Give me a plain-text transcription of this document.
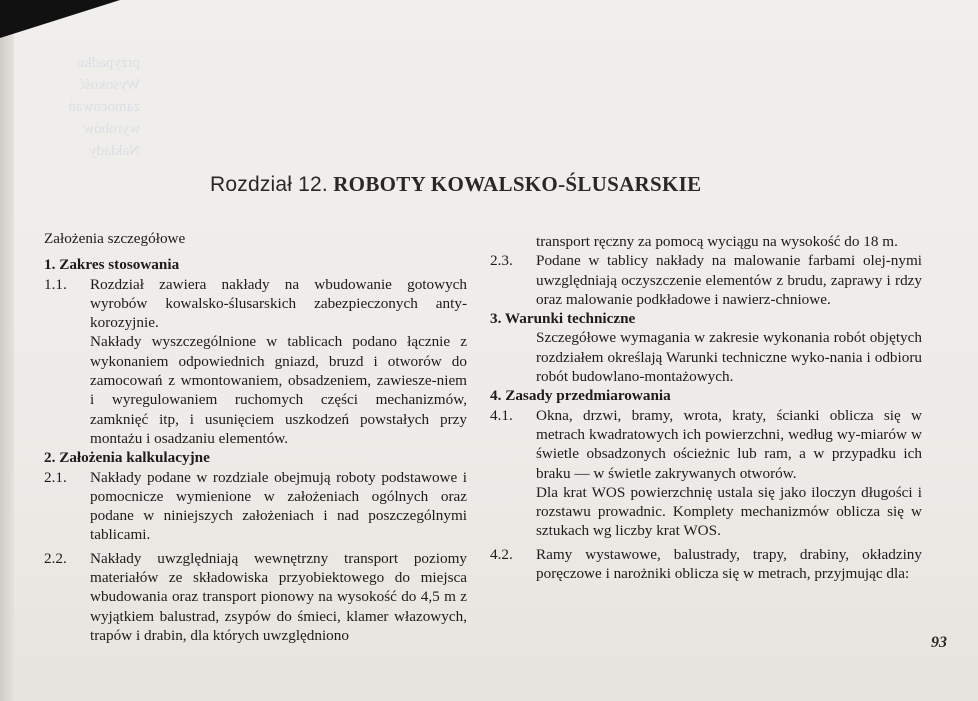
przypadku
Wysokość
zamocowań
wyrobów
Nakłady
Rozdział 12. ROBOTY KOWALSKO-ŚLUSARSKIE
Założenia szczegółowe
1. Zakres stosowania
1.1.	Rozdział zawiera nakłady na wbudowanie gotowych wyrobów kowalsko-ślusarskich zabezpieczonych anty-korozyjnie.
Nakłady wyszczególnione w tablicach podano łącznie z wykonaniem odpowiednich gniazd, bruzd i otworów do zamocowań z wmontowaniem, obsadzeniem, zawiesze-niem i wyregulowaniem ruchomych części mechanizmów, zamknięć itp, i usunięciem uszkodzeń powstałych przy montażu i osadzaniu elementów.
2. Założenia kalkulacyjne
2.1.	Nakłady podane w rozdziale obejmują roboty podstawowe i pomocnicze wymienione w założeniach ogólnych oraz podane w niniejszych założeniach i nad poszczególnymi tablicami.
2.2.	Nakłady uwzględniają wewnętrzny transport poziomy materiałów ze składowiska przyobiektowego do miejsca wbudowania oraz transport pionowy na wysokość do 4,5 m z wyjątkiem balustrad, zsypów do śmieci, klamer włazowych, trapów i drabin, dla których uwzględniono
transport ręczny za pomocą wyciągu na wysokość do 18 m.
2.3.	Podane w tablicy nakłady na malowanie farbami olej-nymi uwzględniają oczyszczenie elementów z brudu, zaprawy i rdzy oraz malowanie podkładowe i nawierz-chniowe.
3. Warunki techniczne
Szczegółowe wymagania w zakresie wykonania robót objętych rozdziałem określają Warunki techniczne wyko-nania i odbioru robót budowlano-montażowych.
4. Zasady przedmiarowania
4.1.	Okna, drzwi, bramy, wrota, kraty, ścianki oblicza się w metrach kwadratowych ich powierzchni, według wy-miarów w świetle obsadzonych ościeżnic lub ram, a w przypadku ich braku — w świetle zakrywanych otworów.
Dla krat WOS powierzchnię ustala się jako iloczyn długości i rozstawu prowadnic. Komplety mechanizmów oblicza się w sztukach wg liczby krat WOS.
4.2.	Ramy wystawowe, balustrady, trapy, drabiny, okładziny poręczowe i narożniki oblicza się w metrach, przyjmując dla:
93
